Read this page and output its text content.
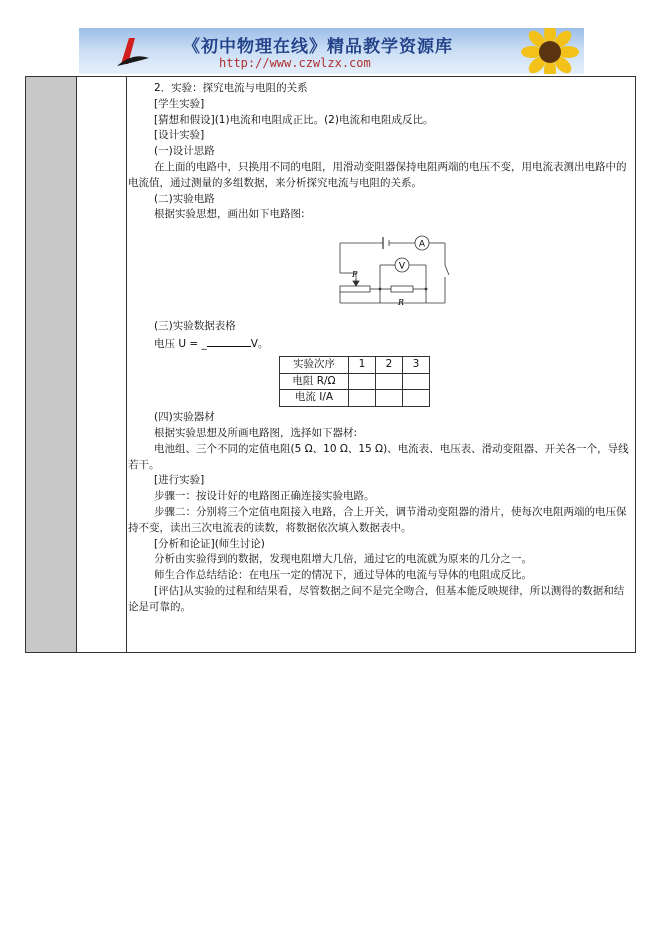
《初中物理在线》精品教学资源库
http://www.czwlzx.com

2．实验：探究电流与电阻的关系

[学生实验]

[猜想和假设](1)电流和电阻成正比。(2)电流和电阻成反比。

[设计实验]

(一)设计思路

在上面的电路中，只换用不同的电阻，用滑动变阻器保持电阻两端的电压不变，用电流表测出电路中的电流值，通过测量的多组数据，来分析探究电流与电阻的关系。

(二)实验电路

根据实验思想，画出如下电路图:

A
V
P
R

(三)实验数据表格

电压 U = _	V。

实验次序	1	2	3
电阻 R/Ω			
电流 I/A			

(四)实验器材

根据实验思想及所画电路图，选择如下器材:

电池组、三个不同的定值电阻(5 Ω、10 Ω、15 Ω)、电流表、电压表、滑动变阻器、开关各一个，导线若干。

[进行实验]

步骤一：按设计好的电路图正确连接实验电路。

步骤二：分别将三个定值电阻接入电路，合上开关，调节滑动变阻器的滑片，使每次电阻两端的电压保持不变，读出三次电流表的读数，将数据依次填入数据表中。

[分析和论证](师生讨论)

分析由实验得到的数据，发现电阻增大几倍，通过它的电流就为原来的几分之一。

师生合作总结结论：在电压一定的情况下，通过导体的电流与导体的电阻成反比。

[评估]从实验的过程和结果看，尽管数据之间不是完全吻合，但基本能反映规律，所以测得的数据和结论是可靠的。
